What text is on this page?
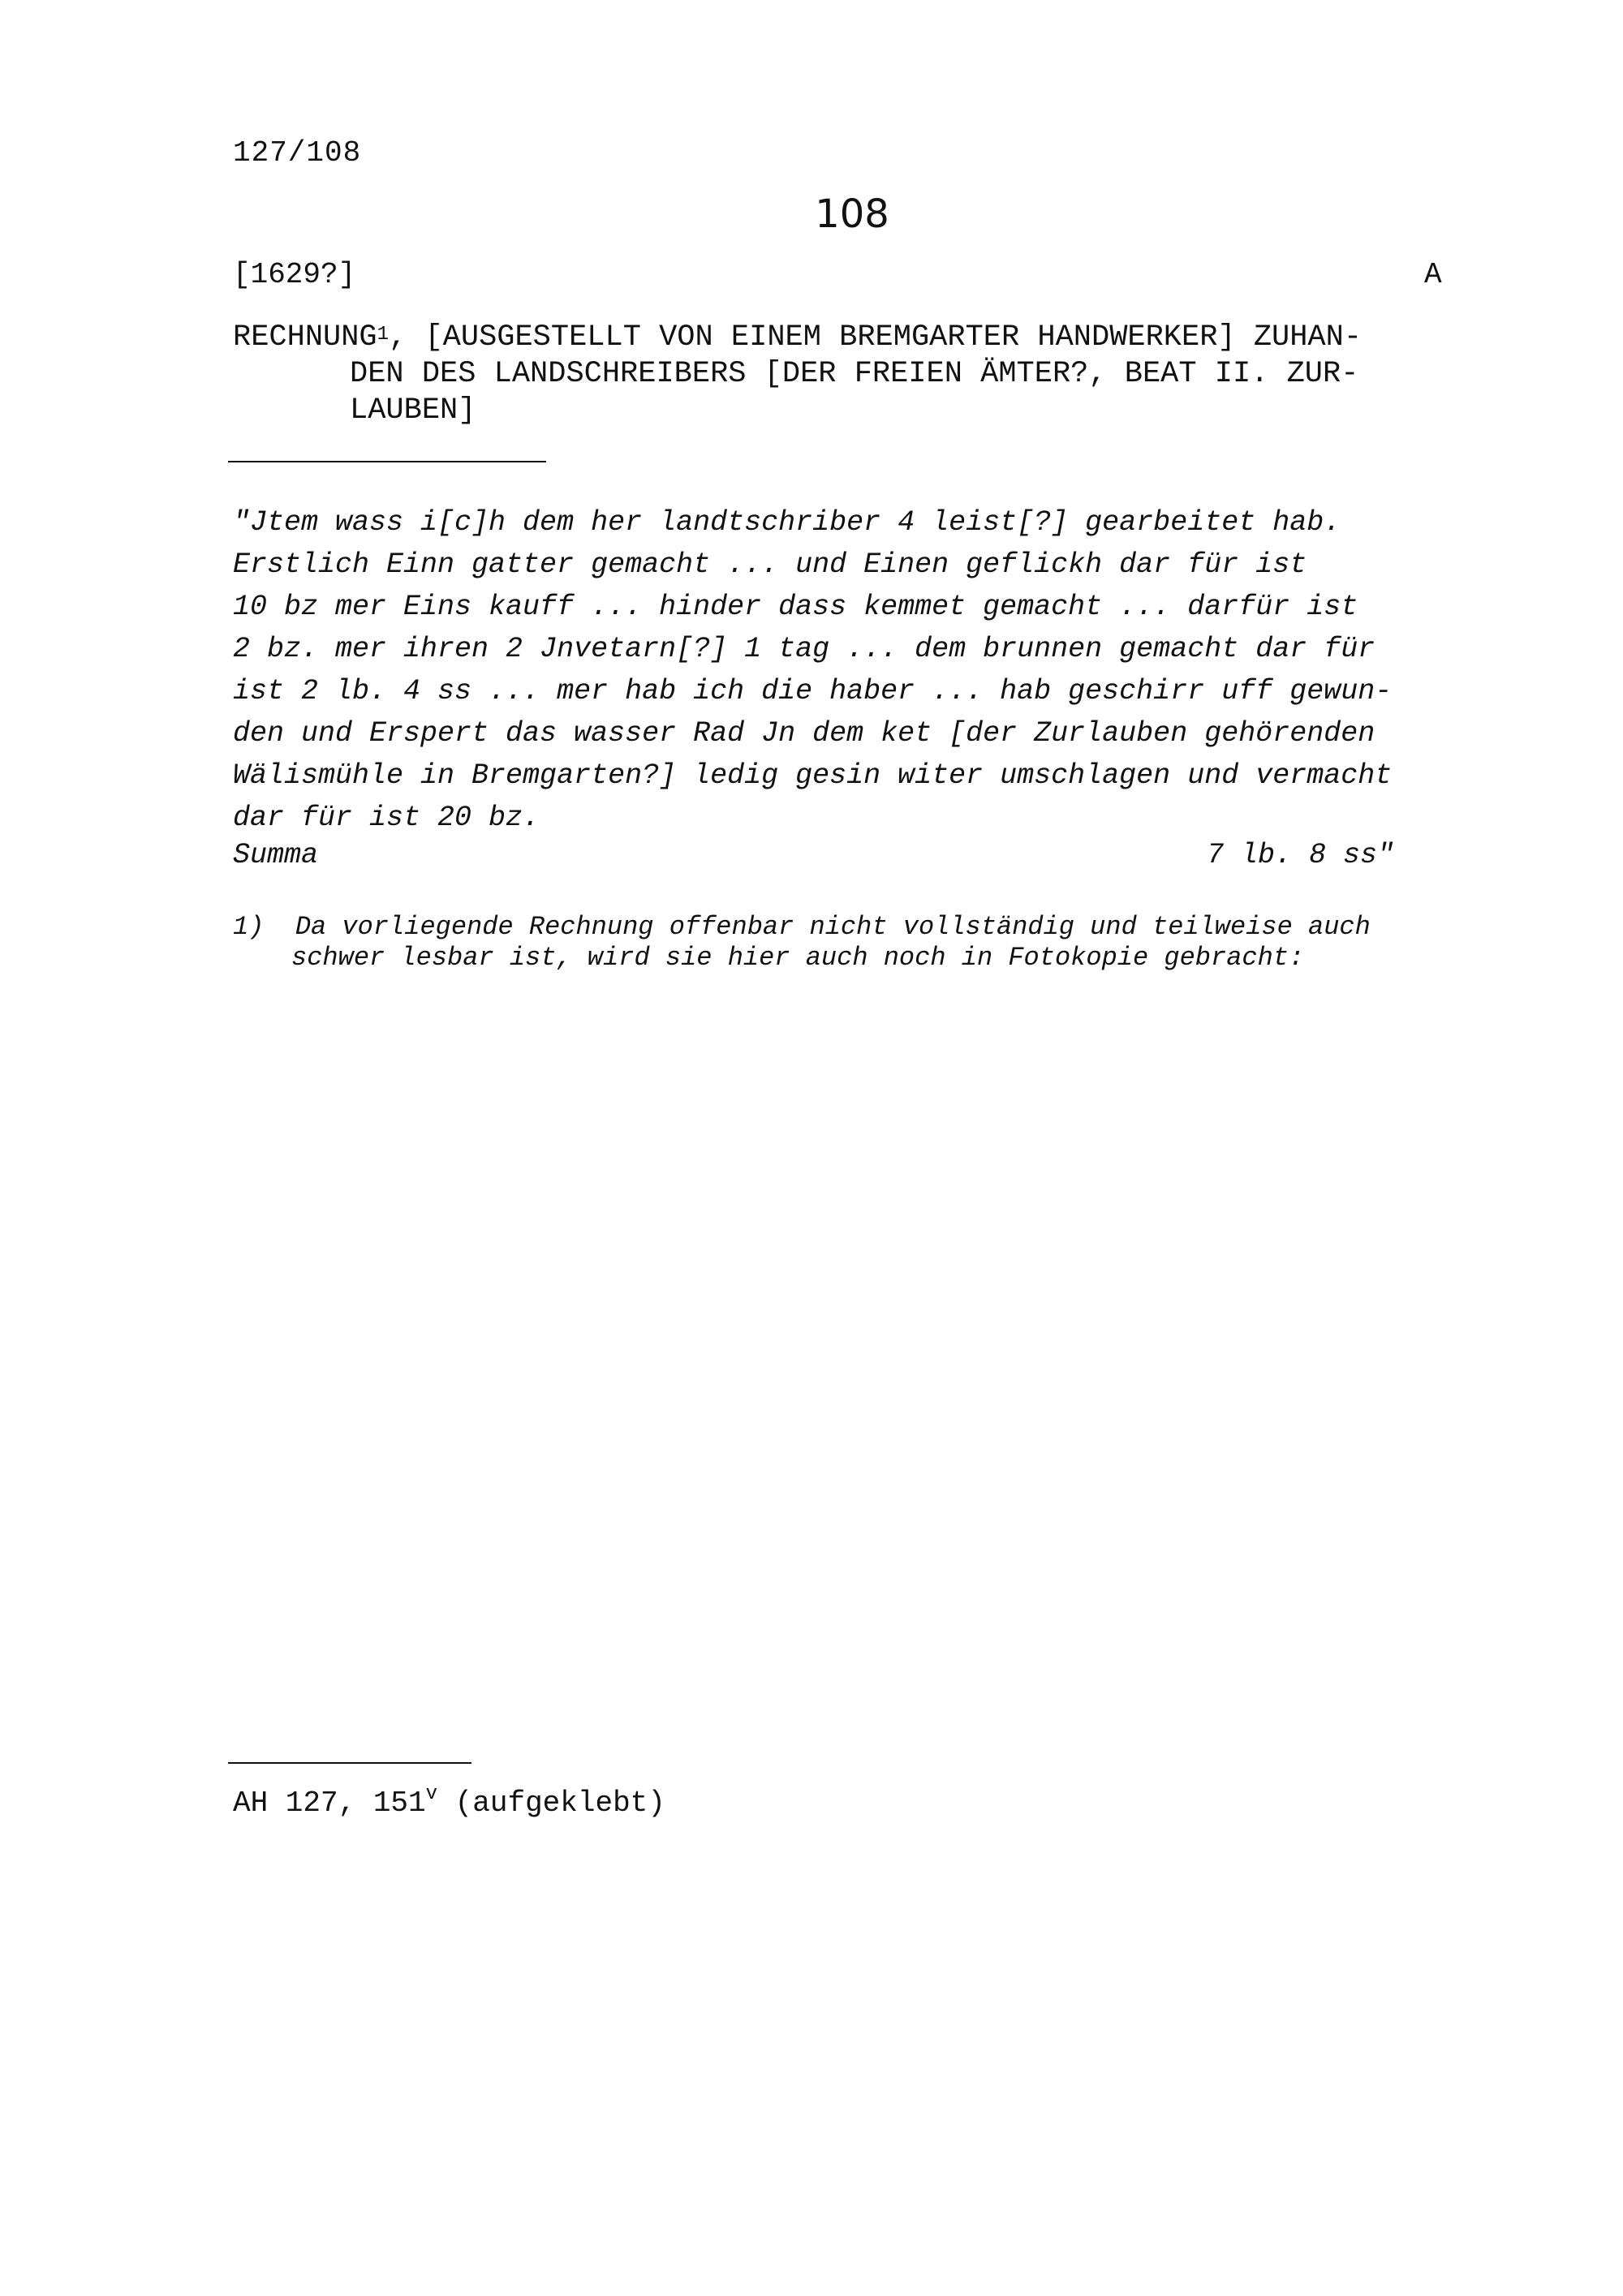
127/108
108
[1629?]	A
RECHNUNG$^1$, [AUSGESTELLT VON EINEM BREMGARTER HANDWERKER] ZUHAN-
DEN DES LANDSCHREIBERS [DER FREIEN ÄMTER?, BEAT II. ZUR-
LAUBEN]
"Jtem wass i[c]h dem her landtschriber 4 leist[?] gearbeitet hab.
Erstlich Einn gatter gemacht ... und Einen geflickh dar für ist
10 bz mer Eins kauff ... hinder dass kemmet gemacht ... darfür ist
2 bz. mer ihren 2 Jnvetarn[?] 1 tag ... dem brunnen gemacht dar für
ist 2 lb. 4 ss ... mer hab ich die haber ... hab geschirr uff gewun-
den und Erspert das wasser Rad Jn dem ket [der Zurlauben gehörenden
Wälismühle in Bremgarten?] ledig gesin witer umschlagen und vermacht
dar für ist 20 bz.
Summa	7 lb. 8 ss"
1) Da vorliegende Rechnung offenbar nicht vollständig und teilweise auch
schwer lesbar ist, wird sie hier auch noch in Fotokopie gebracht:
AH 127, 151$^v$ (aufgeklebt)
